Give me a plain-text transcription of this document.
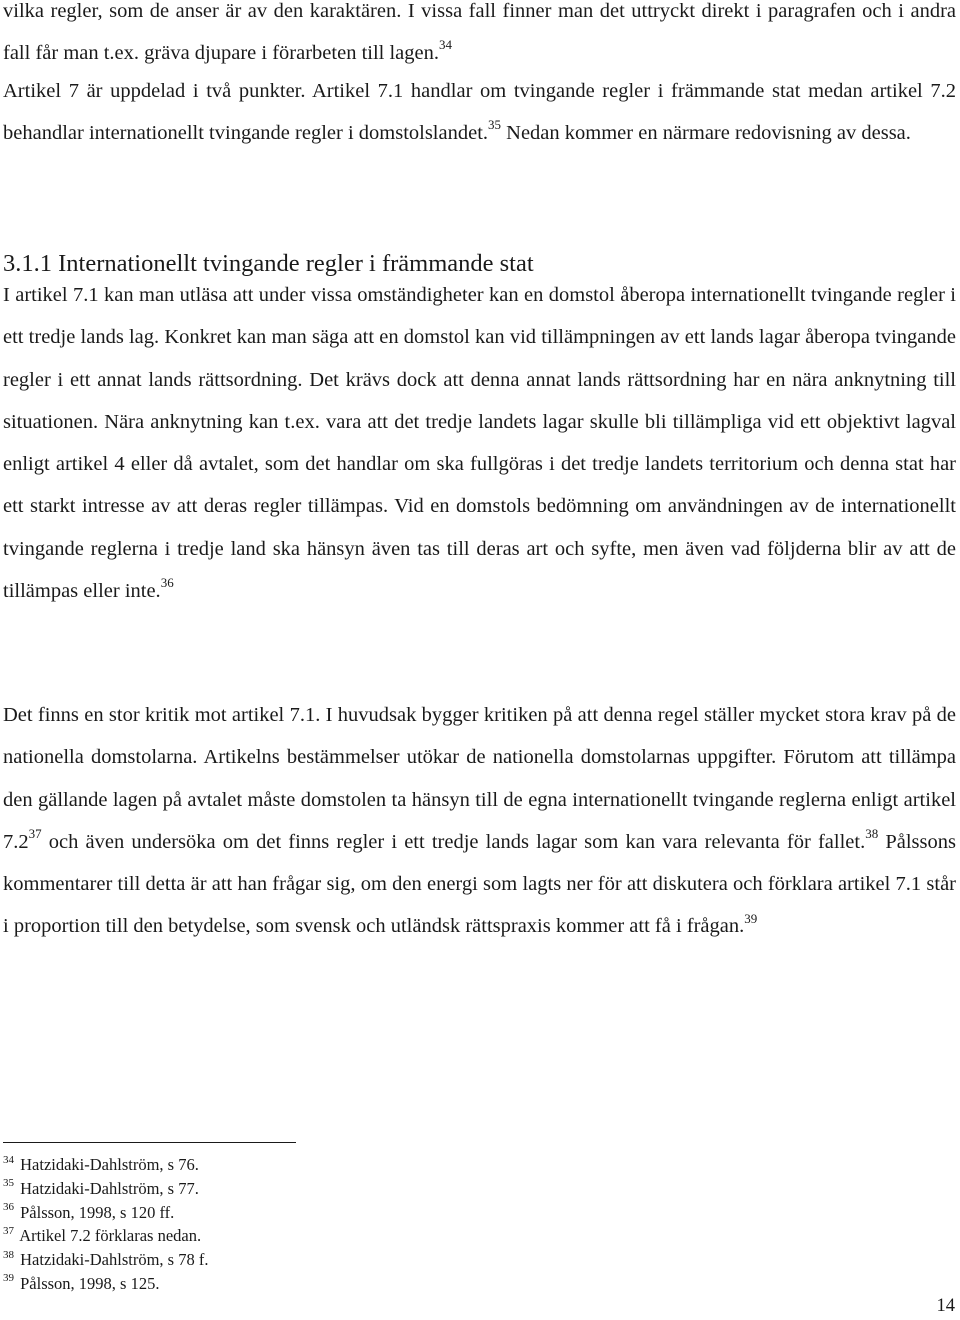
vilka regler, som de anser är av den karaktären. I vissa fall finner man det uttryckt direkt i paragrafen och i andra fall får man t.ex. gräva djupare i förarbeten till lagen.$^{34}$

Artikel 7 är uppdelad i två punkter. Artikel 7.1 handlar om tvingande regler i främmande stat medan artikel 7.2 behandlar internationellt tvingande regler i domstolslandet.$^{35}$ Nedan kommer en närmare redovisning av dessa.

3.1.1 Internationellt tvingande regler i främmande stat

I artikel 7.1 kan man utläsa att under vissa omständigheter kan en domstol åberopa internationellt tvingande regler i ett tredje lands lag. Konkret kan man säga att en domstol kan vid tillämpningen av ett lands lagar åberopa tvingande regler i ett annat lands rättsordning. Det krävs dock att denna annat lands rättsordning har en nära anknytning till situationen. Nära anknytning kan t.ex. vara att det tredje landets lagar skulle bli tillämpliga vid ett objektivt lagval enligt artikel 4 eller då avtalet, som det handlar om ska fullgöras i det tredje landets territorium och denna stat har ett starkt intresse av att deras regler tillämpas. Vid en domstols bedömning om användningen av de internationellt tvingande reglerna i tredje land ska hänsyn även tas till deras art och syfte, men även vad följderna blir av att de tillämpas eller inte.$^{36}$

Det finns en stor kritik mot artikel 7.1. I huvudsak bygger kritiken på att denna regel ställer mycket stora krav på de nationella domstolarna. Artikelns bestämmelser utökar de nationella domstolarnas uppgifter. Förutom att tillämpa den gällande lagen på avtalet måste domstolen ta hänsyn till de egna internationellt tvingande reglerna enligt artikel $7.2^{37}$ och även undersöka om det finns regler i ett tredje lands lagar som kan vara relevanta för fallet.$^{38}$ Pålssons kommentarer till detta är att han frågar sig, om den energi som lagts ner för att diskutera och förklara artikel 7.1 står i proportion till den betydelse, som svensk och utländsk rättspraxis kommer att få i frågan.$^{39}$

$^{34}$ Hatzidaki-Dahlström, s 76.
$^{35}$ Hatzidaki-Dahlström, s 77.
$^{36}$ Pålsson, 1998, s 120 ff.
$^{37}$ Artikel 7.2 förklaras nedan.
$^{38}$ Hatzidaki-Dahlström, s 78 f.
$^{39}$ Pålsson, 1998, s 125.
14
